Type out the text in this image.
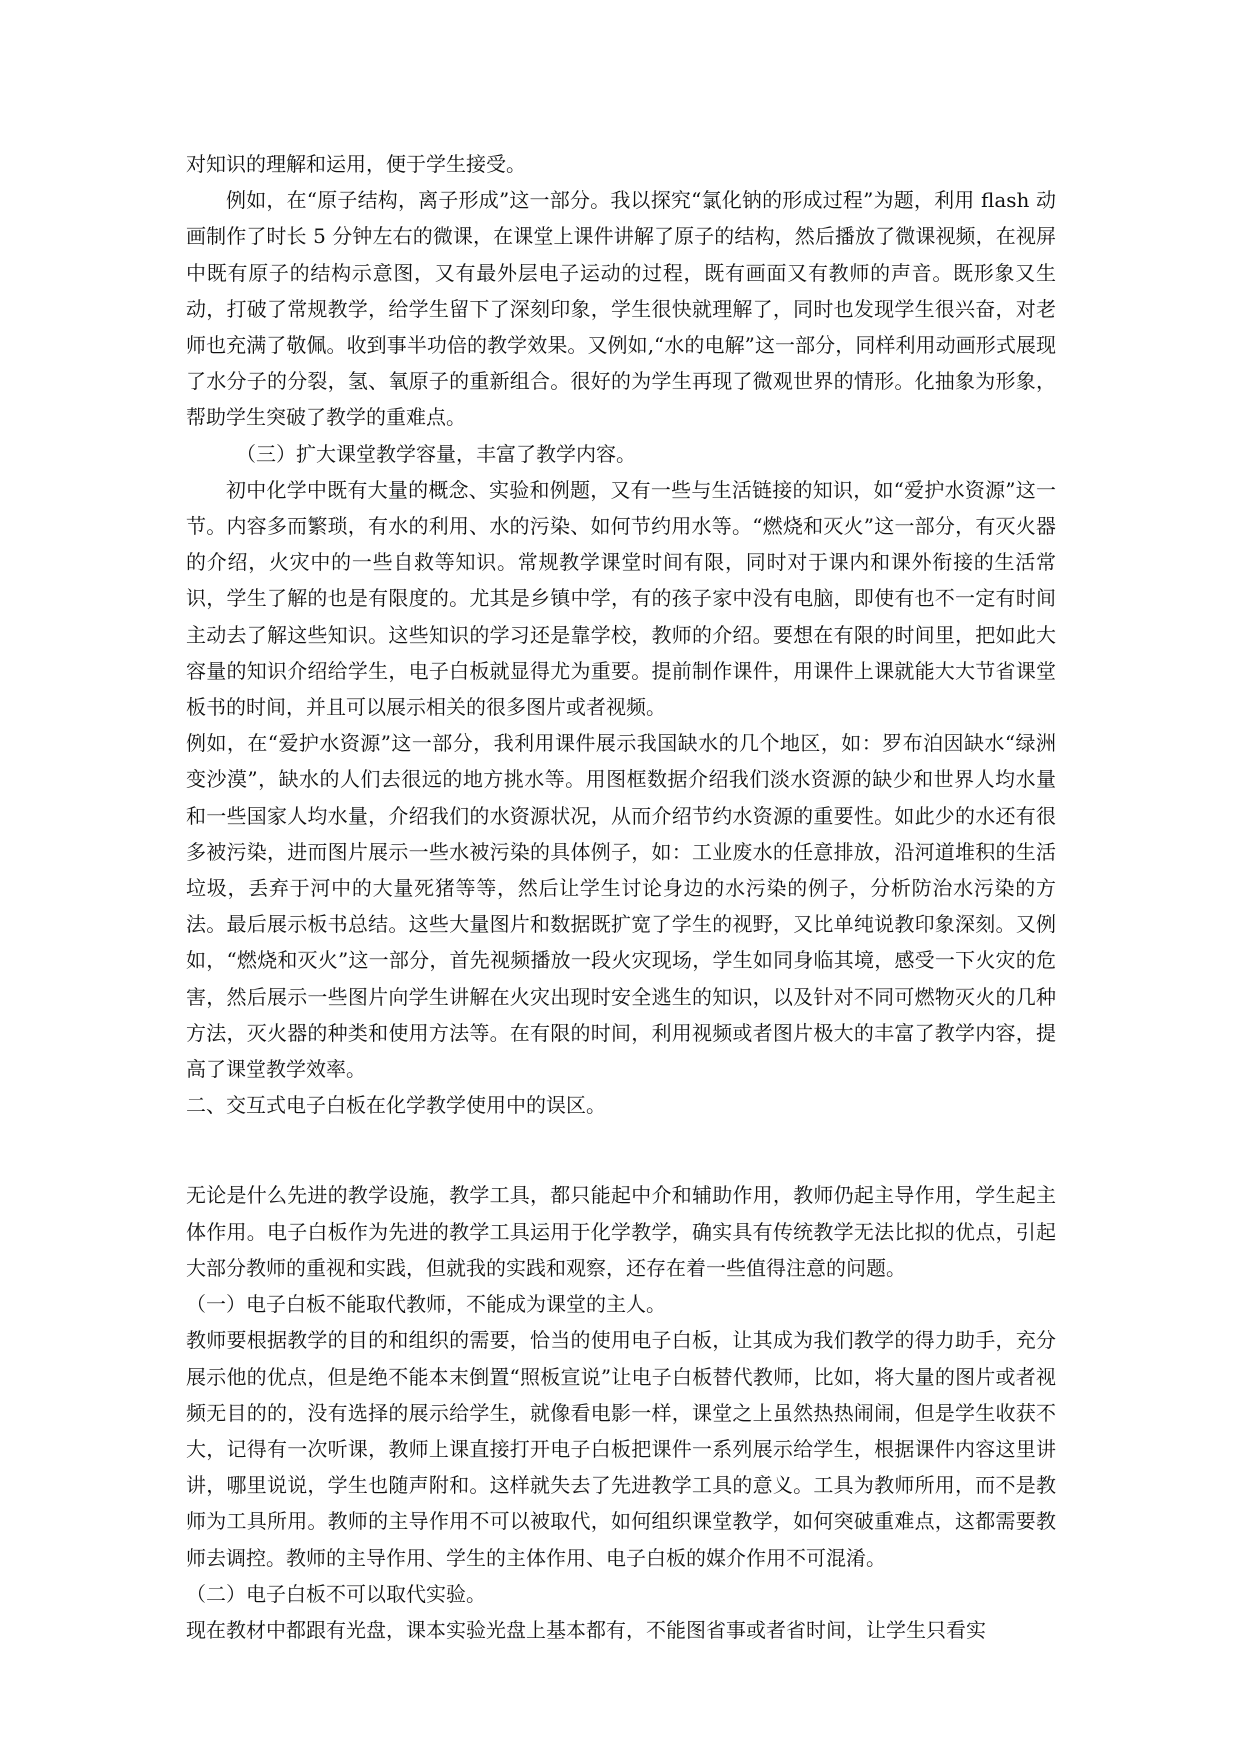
对知识的理解和运用，便于学生接受。

例如，在“原子结构，离子形成”这一部分。我以探究“氯化钠的形成过程”为题，利用 flash 动画制作了时长 5 分钟左右的微课，在课堂上课件讲解了原子的结构，然后播放了微课视频，在视屏中既有原子的结构示意图，又有最外层电子运动的过程，既有画面又有教师的声音。既形象又生动，打破了常规教学，给学生留下了深刻印象，学生很快就理解了，同时也发现学生很兴奋，对老师也充满了敬佩。收到事半功倍的教学效果。又例如,“水的电解”这一部分，同样利用动画形式展现了水分子的分裂，氢、氧原子的重新组合。很好的为学生再现了微观世界的情形。化抽象为形象，帮助学生突破了教学的重难点。

（三）扩大课堂教学容量，丰富了教学内容。

初中化学中既有大量的概念、实验和例题，又有一些与生活链接的知识，如“爱护水资源”这一节。内容多而繁琐，有水的利用、水的污染、如何节约用水等。“燃烧和灭火”这一部分，有灭火器的介绍，火灾中的一些自救等知识。常规教学课堂时间有限，同时对于课内和课外衔接的生活常识，学生了解的也是有限度的。尤其是乡镇中学，有的孩子家中没有电脑，即使有也不一定有时间主动去了解这些知识。这些知识的学习还是靠学校，教师的介绍。要想在有限的时间里，把如此大容量的知识介绍给学生，电子白板就显得尤为重要。提前制作课件，用课件上课就能大大节省课堂板书的时间，并且可以展示相关的很多图片或者视频。

例如，在“爱护水资源”这一部分，我利用课件展示我国缺水的几个地区，如：罗布泊因缺水“绿洲变沙漠”，缺水的人们去很远的地方挑水等。用图框数据介绍我们淡水资源的缺少和世界人均水量和一些国家人均水量，介绍我们的水资源状况，从而介绍节约水资源的重要性。如此少的水还有很多被污染，进而图片展示一些水被污染的具体例子，如：工业废水的任意排放，沿河道堆积的生活垃圾，丢弃于河中的大量死猪等等，然后让学生讨论身边的水污染的例子，分析防治水污染的方法。最后展示板书总结。这些大量图片和数据既扩宽了学生的视野，又比单纯说教印象深刻。又例如，“燃烧和灭火”这一部分，首先视频播放一段火灾现场，学生如同身临其境，感受一下火灾的危害，然后展示一些图片向学生讲解在火灾出现时安全逃生的知识，以及针对不同可燃物灭火的几种方法，灭火器的种类和使用方法等。在有限的时间，利用视频或者图片极大的丰富了教学内容，提高了课堂教学效率。

二、交互式电子白板在化学教学使用中的误区。

无论是什么先进的教学设施，教学工具，都只能起中介和辅助作用，教师仍起主导作用，学生起主体作用。电子白板作为先进的教学工具运用于化学教学，确实具有传统教学无法比拟的优点，引起大部分教师的重视和实践，但就我的实践和观察，还存在着一些值得注意的问题。

（一）电子白板不能取代教师，不能成为课堂的主人。

教师要根据教学的目的和组织的需要，恰当的使用电子白板，让其成为我们教学的得力助手，充分展示他的优点，但是绝不能本末倒置“照板宣说”让电子白板替代教师，比如，将大量的图片或者视频无目的的，没有选择的展示给学生，就像看电影一样，课堂之上虽然热热闹闹，但是学生收获不大，记得有一次听课，教师上课直接打开电子白板把课件一系列展示给学生，根据课件内容这里讲讲，哪里说说，学生也随声附和。这样就失去了先进教学工具的意义。工具为教师所用，而不是教师为工具所用。教师的主导作用不可以被取代，如何组织课堂教学，如何突破重难点，这都需要教师去调控。教师的主导作用、学生的主体作用、电子白板的媒介作用不可混淆。

（二）电子白板不可以取代实验。

现在教材中都跟有光盘，课本实验光盘上基本都有，不能图省事或者省时间，让学生只看实
